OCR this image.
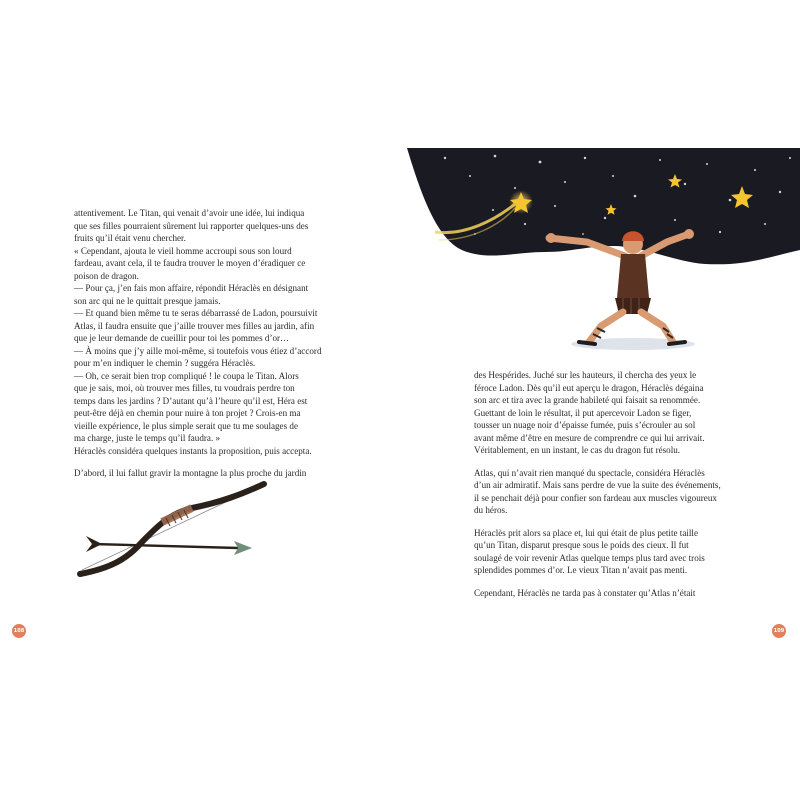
attentivement. Le Titan, qui venait d’avoir une idée, lui indiqua
que ses filles pourraient sûrement lui rapporter quelques-uns des
fruits qu’il était venu chercher.
« Cependant, ajouta le vieil homme accroupi sous son lourd
fardeau, avant cela, il te faudra trouver le moyen d’éradiquer ce
poison de dragon.
— Pour ça, j’en fais mon affaire, répondit Héraclès en désignant
son arc qui ne le quittait presque jamais.
— Et quand bien même tu te seras débarrassé de Ladon, poursuivit
Atlas, il faudra ensuite que j’aille trouver mes filles au jardin, afin
que je leur demande de cueillir pour toi les pommes d’or…
— À moins que j’y aille moi-même, si toutefois vous étiez d’accord
pour m’en indiquer le chemin ? suggéra Héraclès.
— Oh, ce serait bien trop compliqué ! le coupa le Titan. Alors
que je sais, moi, où trouver mes filles, tu voudrais perdre ton
temps dans les jardins ? D’autant qu’à l’heure qu’il est, Héra est
peut-être déjà en chemin pour nuire à ton projet ? Crois-en ma
vieille expérience, le plus simple serait que tu me soulages de
ma charge, juste le temps qu’il faudra. »
Héraclès considéra quelques instants la proposition, puis accepta.
D’abord, il lui fallut gravir la montagne la plus proche du jardin
des Hespérides. Juché sur les hauteurs, il chercha des yeux le
féroce Ladon. Dès qu’il eut aperçu le dragon, Héraclès dégaina
son arc et tira avec la grande habileté qui faisait sa renommée.
Guettant de loin le résultat, il put apercevoir Ladon se figer,
tousser un nuage noir d’épaisse fumée, puis s’écrouler au sol
avant même d’être en mesure de comprendre ce qui lui arrivait.
Véritablement, en un instant, le cas du dragon fut résolu.
Atlas, qui n’avait rien manqué du spectacle, considéra Héraclès
d’un air admiratif. Mais sans perdre de vue la suite des événements,
il se penchait déjà pour confier son fardeau aux muscles vigoureux
du héros.
Héraclès prit alors sa place et, lui qui était de plus petite taille
qu’un Titan, disparut presque sous le poids des cieux. Il fut
soulagé de voir revenir Atlas quelque temps plus tard avec trois
splendides pommes d’or. Le vieux Titan n’avait pas menti.
Cependant, Héraclès ne tarda pas à constater qu’Atlas n’était
108	109
